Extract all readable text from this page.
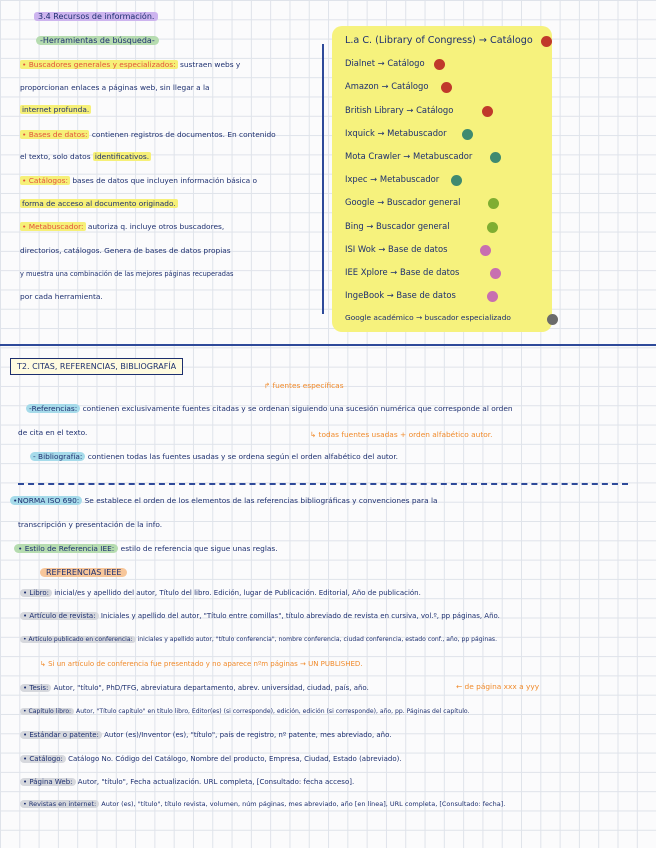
3.4 Recursos de información.
-Herramientas de búsqueda-
• Buscadores generales y especializados: sustraen webs y
proporcionan enlaces a páginas web, sin llegar a la
internet profunda.
• Bases de datos: contienen registros de documentos. En contenido
el texto, solo datos identificativos.
• Catálogos: bases de datos que incluyen información básica o
forma de acceso al documento originado.
• Metabuscador: autoriza q. incluye otros buscadores,
directorios, catálogos. Genera de bases de datos propias
y muestra una combinación de las mejores páginas recuperadas
por cada herramienta.
L.a C. (Library of Congress) → Catálogo
Dialnet → Catálogo
Amazon → Catálogo
British Library → Catálogo
Ixquick → Metabuscador
Mota Crawler → Metabuscador
Ixpec → Metabuscador
Google → Buscador general
Bing → Buscador general
ISI Wok → Base de datos
IEE Xplore → Base de datos
IngeBook → Base de datos
Google académico → buscador especializado
T2. CITAS, REFERENCIAS, BIBLIOGRAFÍA
↱ fuentes específicas
-Referencias: contienen exclusivamente fuentes citadas y se ordenan siguiendo una sucesión numérica que corresponde al orden
de cita en el texto.	↳ todas fuentes usadas + orden alfabético autor.
- Bibliografía: contienen todas las fuentes usadas y se ordena según el orden alfabético del autor.
•NORMA ISO 690: Se establece el orden de los elementos de las referencias bibliográficas y convenciones para la
transcripción y presentación de la info.
• Estilo de Referencia IEE: estilo de referencia que sigue unas reglas.
REFERENCIAS IEEE
• Libro: inicial/es y apellido del autor, Título del libro. Edición, lugar de Publicación. Editorial, Año de publicación.
• Artículo de revista: Iniciales y apellido del autor, "Título entre comillas", título abreviado de revista en cursiva, vol.º, pp páginas, Año.
• Artículo publicado en conferencia: iniciales y apellido autor, "título conferencia", nombre conferencia, ciudad conferencia, estado conf., año, pp páginas.
↳ Si un artículo de conferencia fue presentado y no aparece nºm páginas → UN PUBLISHED.
• Tesis: Autor, "título", PhD/TFG, abreviatura departamento, abrev. universidad, ciudad, país, año.
• Capítulo libro: Autor, "Título capítulo" en título libro, Editor(es) (si corresponde), edición, edición (si corresponde), año, pp. Páginas del capítulo.
• Estándar o patente: Autor (es)/Inventor (es), "título", país de registro, nº patente, mes abreviado, año.
• Catálogo: Catálogo No. Código del Catálogo, Nombre del producto, Empresa, Ciudad, Estado (abreviado).
• Página Web: Autor, "título", Fecha actualización. URL completa, [Consultado: fecha acceso].
• Revistas en internet: Autor (es), "título", título revista, volumen, núm páginas, mes abreviado, año [en línea], URL completa, [Consultado: fecha].
← de página xxx a yyy
